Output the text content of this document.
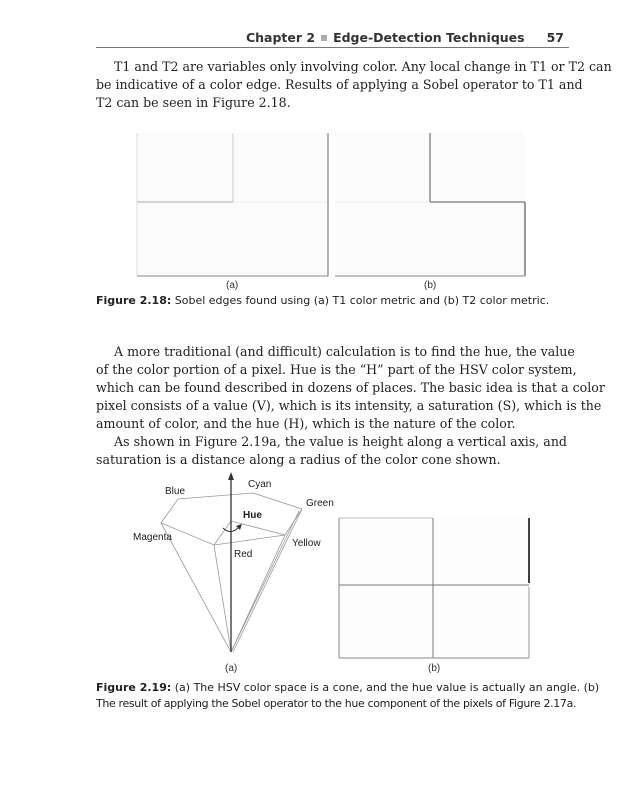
Chapter 2 Edge-Detection Techniques 57
T1 and T2 are variables only involving color. Any local change in T1 or T2 can
be indicative of a color edge. Results of applying a Sobel operator to T1 and
T2 can be seen in Figure 2.18.
Blue
Cyan
Green
Hue
Magenta
Yellow
Red
(a)	(b)
Figure 2.18: Sobel edges found using (a) T1 color metric and (b) T2 color metric.
A more traditional (and difficult) calculation is to find the hue, the value
of the color portion of a pixel. Hue is the “H” part of the HSV color system,
which can be found described in dozens of places. The basic idea is that a color
pixel consists of a value (V), which is its intensity, a saturation (S), which is the
amount of color, and the hue (H), which is the nature of the color.
As shown in Figure 2.19a, the value is height along a vertical axis, and
saturation is a distance along a radius of the color cone shown.
(a)	(b)
Figure 2.19: (a) The HSV color space is a cone, and the hue value is actually an angle. (b)
The result of applying the Sobel operator to the hue component of the pixels of Figure 2.17a.
